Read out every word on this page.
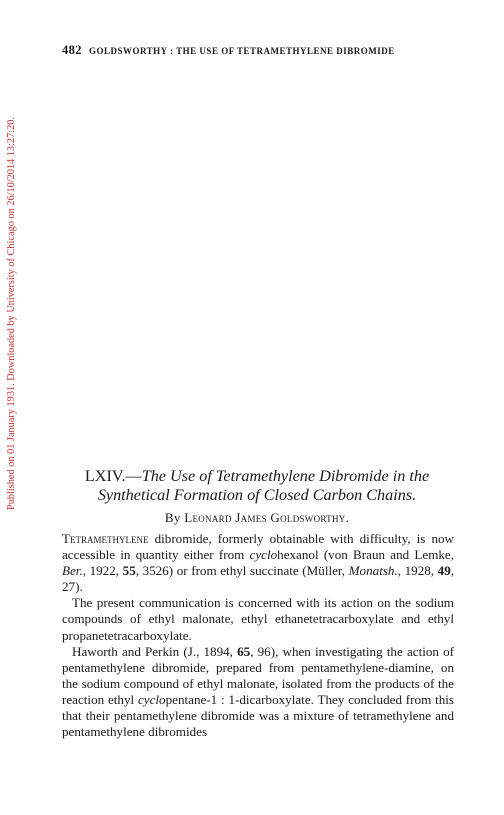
482 GOLDSWORTHY : THE USE OF TETRAMETHYLENE DIBROMIDE
Published on 01 January 1931. Downloaded by University of Chicago on 26/10/2014 13:27:20.	LXIV.—The Use of Tetramethylene Dibromide in the Synthetical Formation of Closed Carbon Chains.
By Leonard James Goldsworthy.

Tetramethylene dibromide, formerly obtainable with difficulty, is now accessible in quantity either from cyclohexanol (von Braun and Lemke, Ber., 1922, 55, 3526) or from ethyl succinate (Müller, Monatsh., 1928, 49, 27).

The present communication is concerned with its action on the sodium compounds of ethyl malonate, ethyl ethanetetracarboxylate and ethyl propanetetracarboxylate.

Haworth and Perkin (J., 1894, 65, 96), when investigating the action of pentamethylene dibromide, prepared from pentamethylene-diamine, on the sodium compound of ethyl malonate, isolated from the products of the reaction ethyl cyclopentane-1 : 1-dicarboxylate. They concluded from this that their pentamethylene dibromide was a mixture of tetramethylene and pentamethylene dibromides
